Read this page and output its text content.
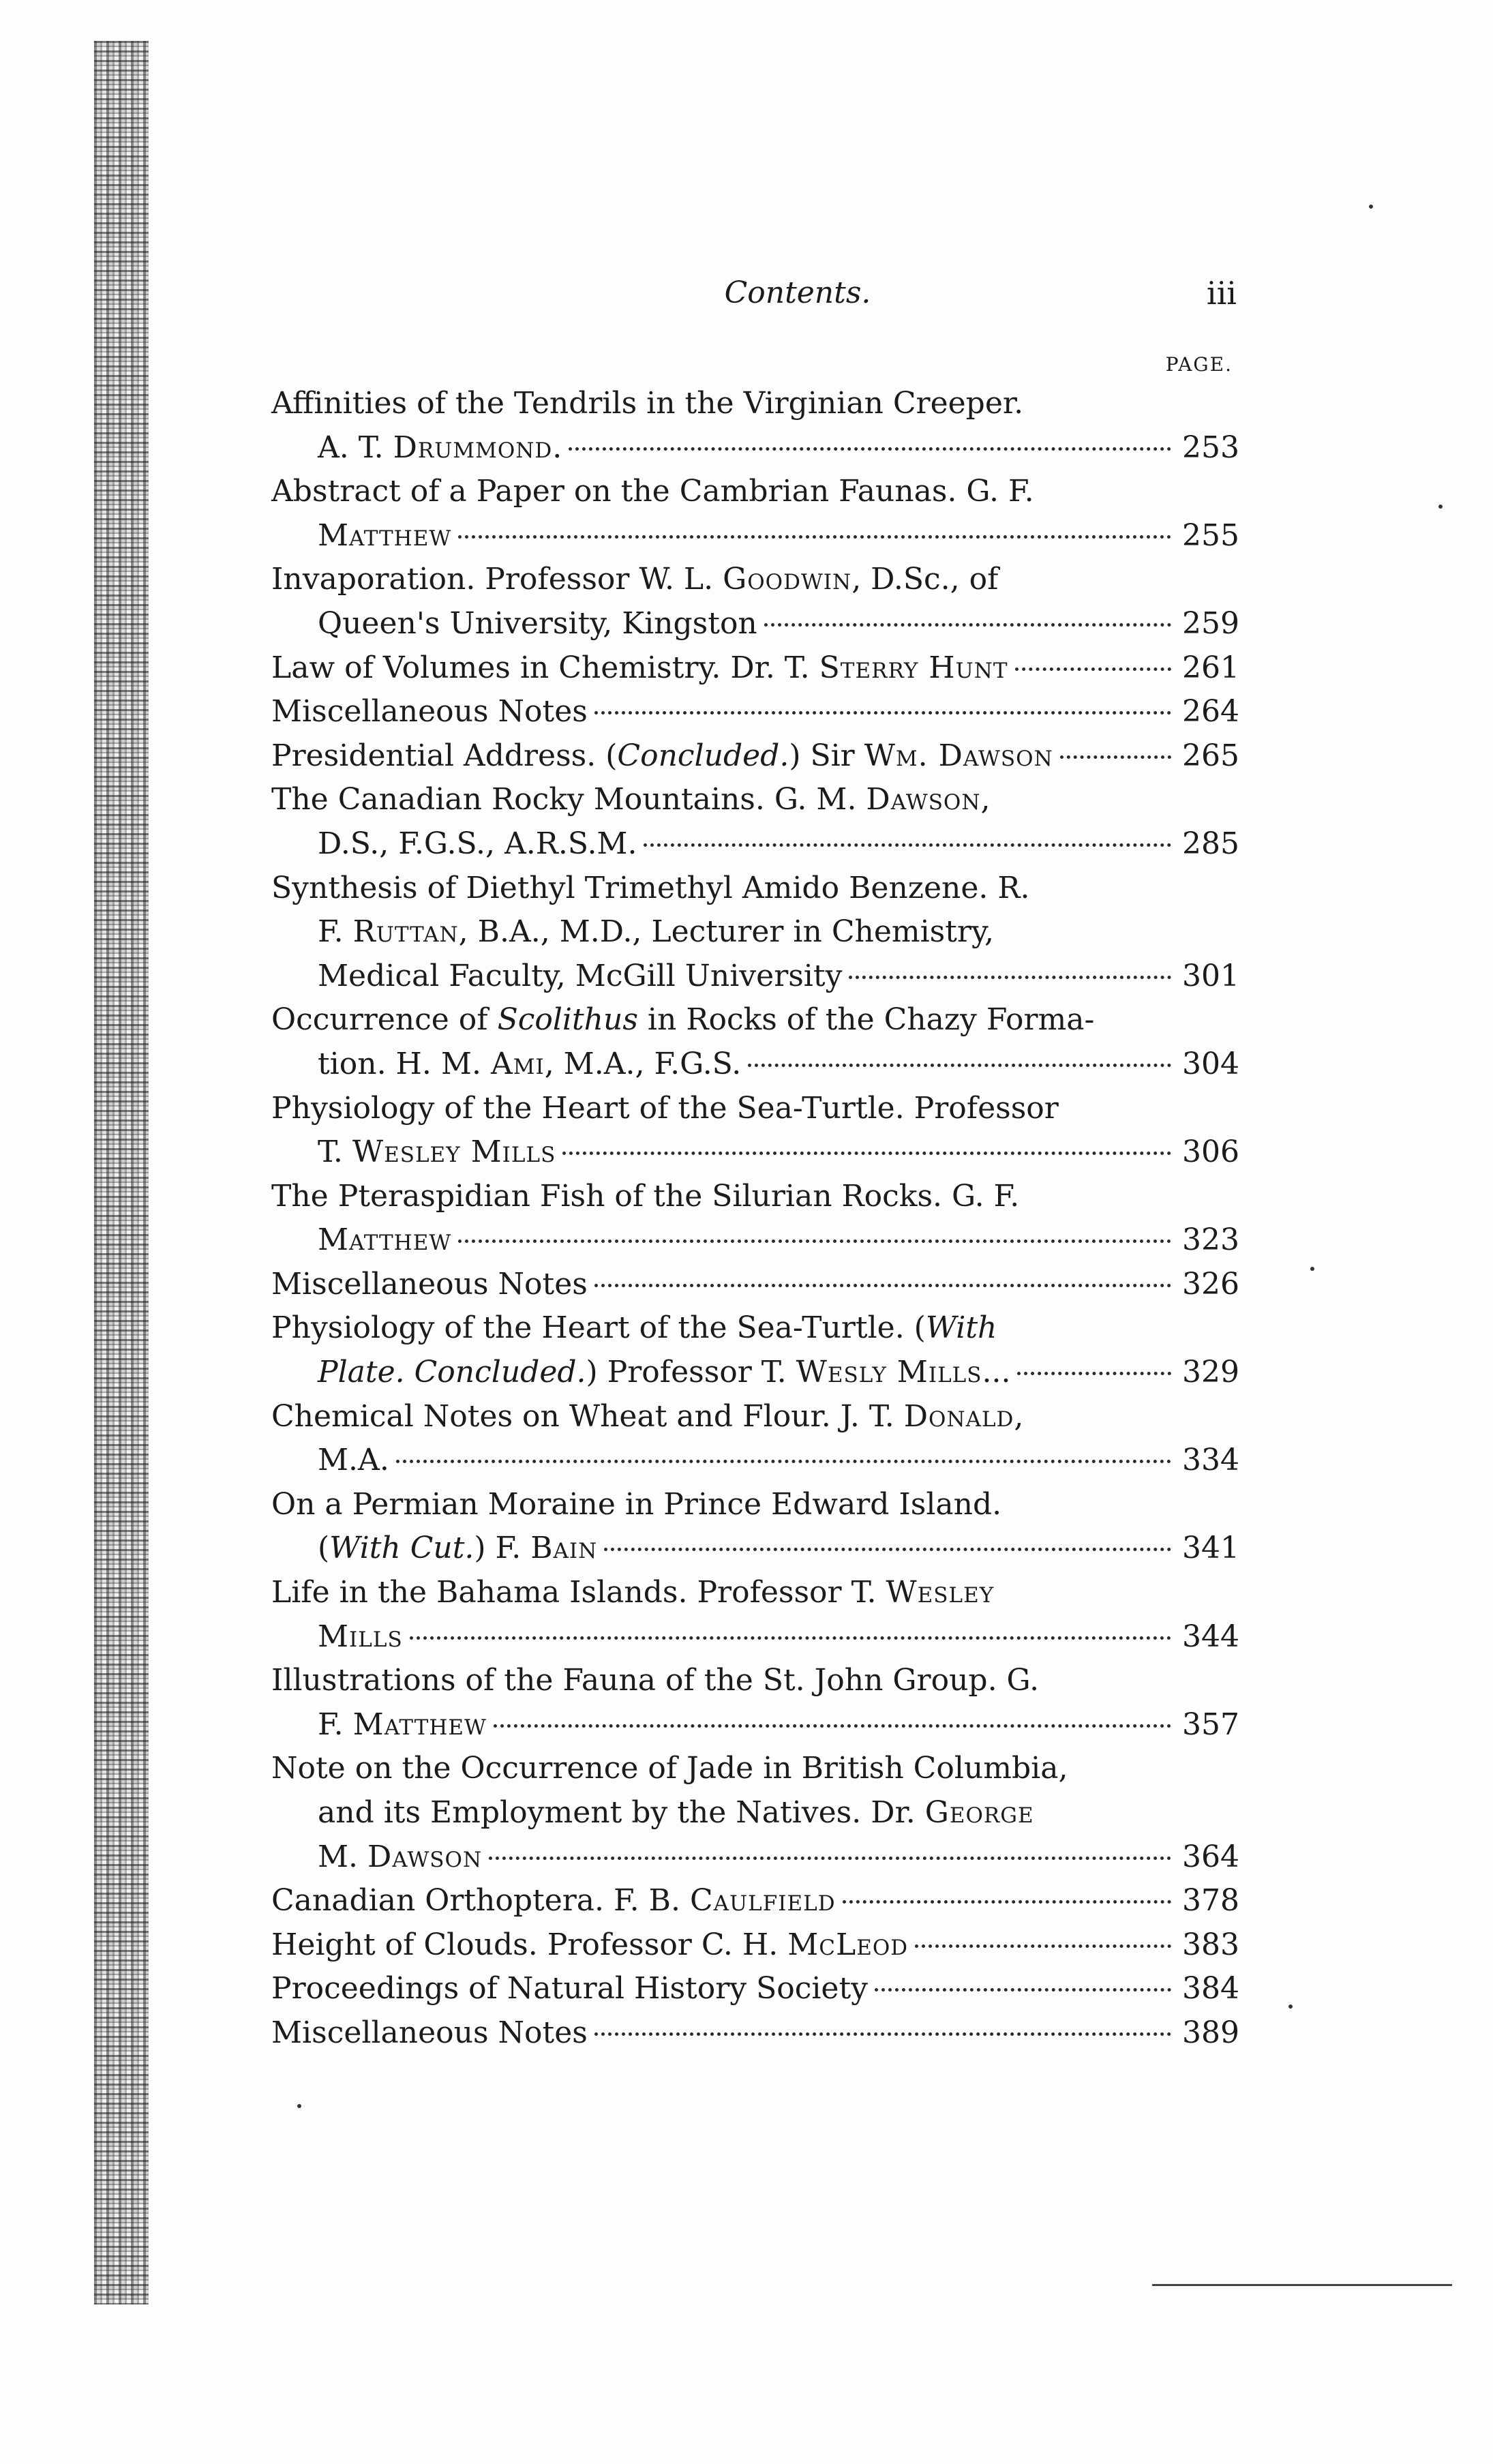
Contents.	iii
PAGE.
Affinities of the Tendrils in the Virginian Creeper.
A. T. Drummond.	253
Abstract of a Paper on the Cambrian Faunas. G. F.
Matthew	255
Invaporation. Professor W. L. Goodwin, D.Sc., of
Queen's University, Kingston	259
Law of Volumes in Chemistry. Dr. T. Sterry Hunt	261
Miscellaneous Notes	264
Presidential Address. (Concluded.) Sir Wm. Dawson	265
The Canadian Rocky Mountains. G. M. Dawson,
D.S., F.G.S., A.R.S.M.	285
Synthesis of Diethyl Trimethyl Amido Benzene. R.
F. Ruttan, B.A., M.D., Lecturer in Chemistry,
Medical Faculty, McGill University	301
Occurrence of Scolithus in Rocks of the Chazy Forma-
tion. H. M. Ami, M.A., F.G.S.	304
Physiology of the Heart of the Sea-Turtle. Professor
T. Wesley Mills	306
The Pteraspidian Fish of the Silurian Rocks. G. F.
Matthew	323
Miscellaneous Notes	326
Physiology of the Heart of the Sea-Turtle. (With
Plate. Concluded.) Professor T. Wesly Mills...	329
Chemical Notes on Wheat and Flour. J. T. Donald,
M.A.	334
On a Permian Moraine in Prince Edward Island.
(With Cut.) F. Bain	341
Life in the Bahama Islands. Professor T. Wesley
Mills	344
Illustrations of the Fauna of the St. John Group. G.
F. Matthew	357
Note on the Occurrence of Jade in British Columbia,
and its Employment by the Natives. Dr. George
M. Dawson	364
Canadian Orthoptera. F. B. Caulfield	378
Height of Clouds. Professor C. H. McLeod	383
Proceedings of Natural History Society	384
Miscellaneous Notes	389
